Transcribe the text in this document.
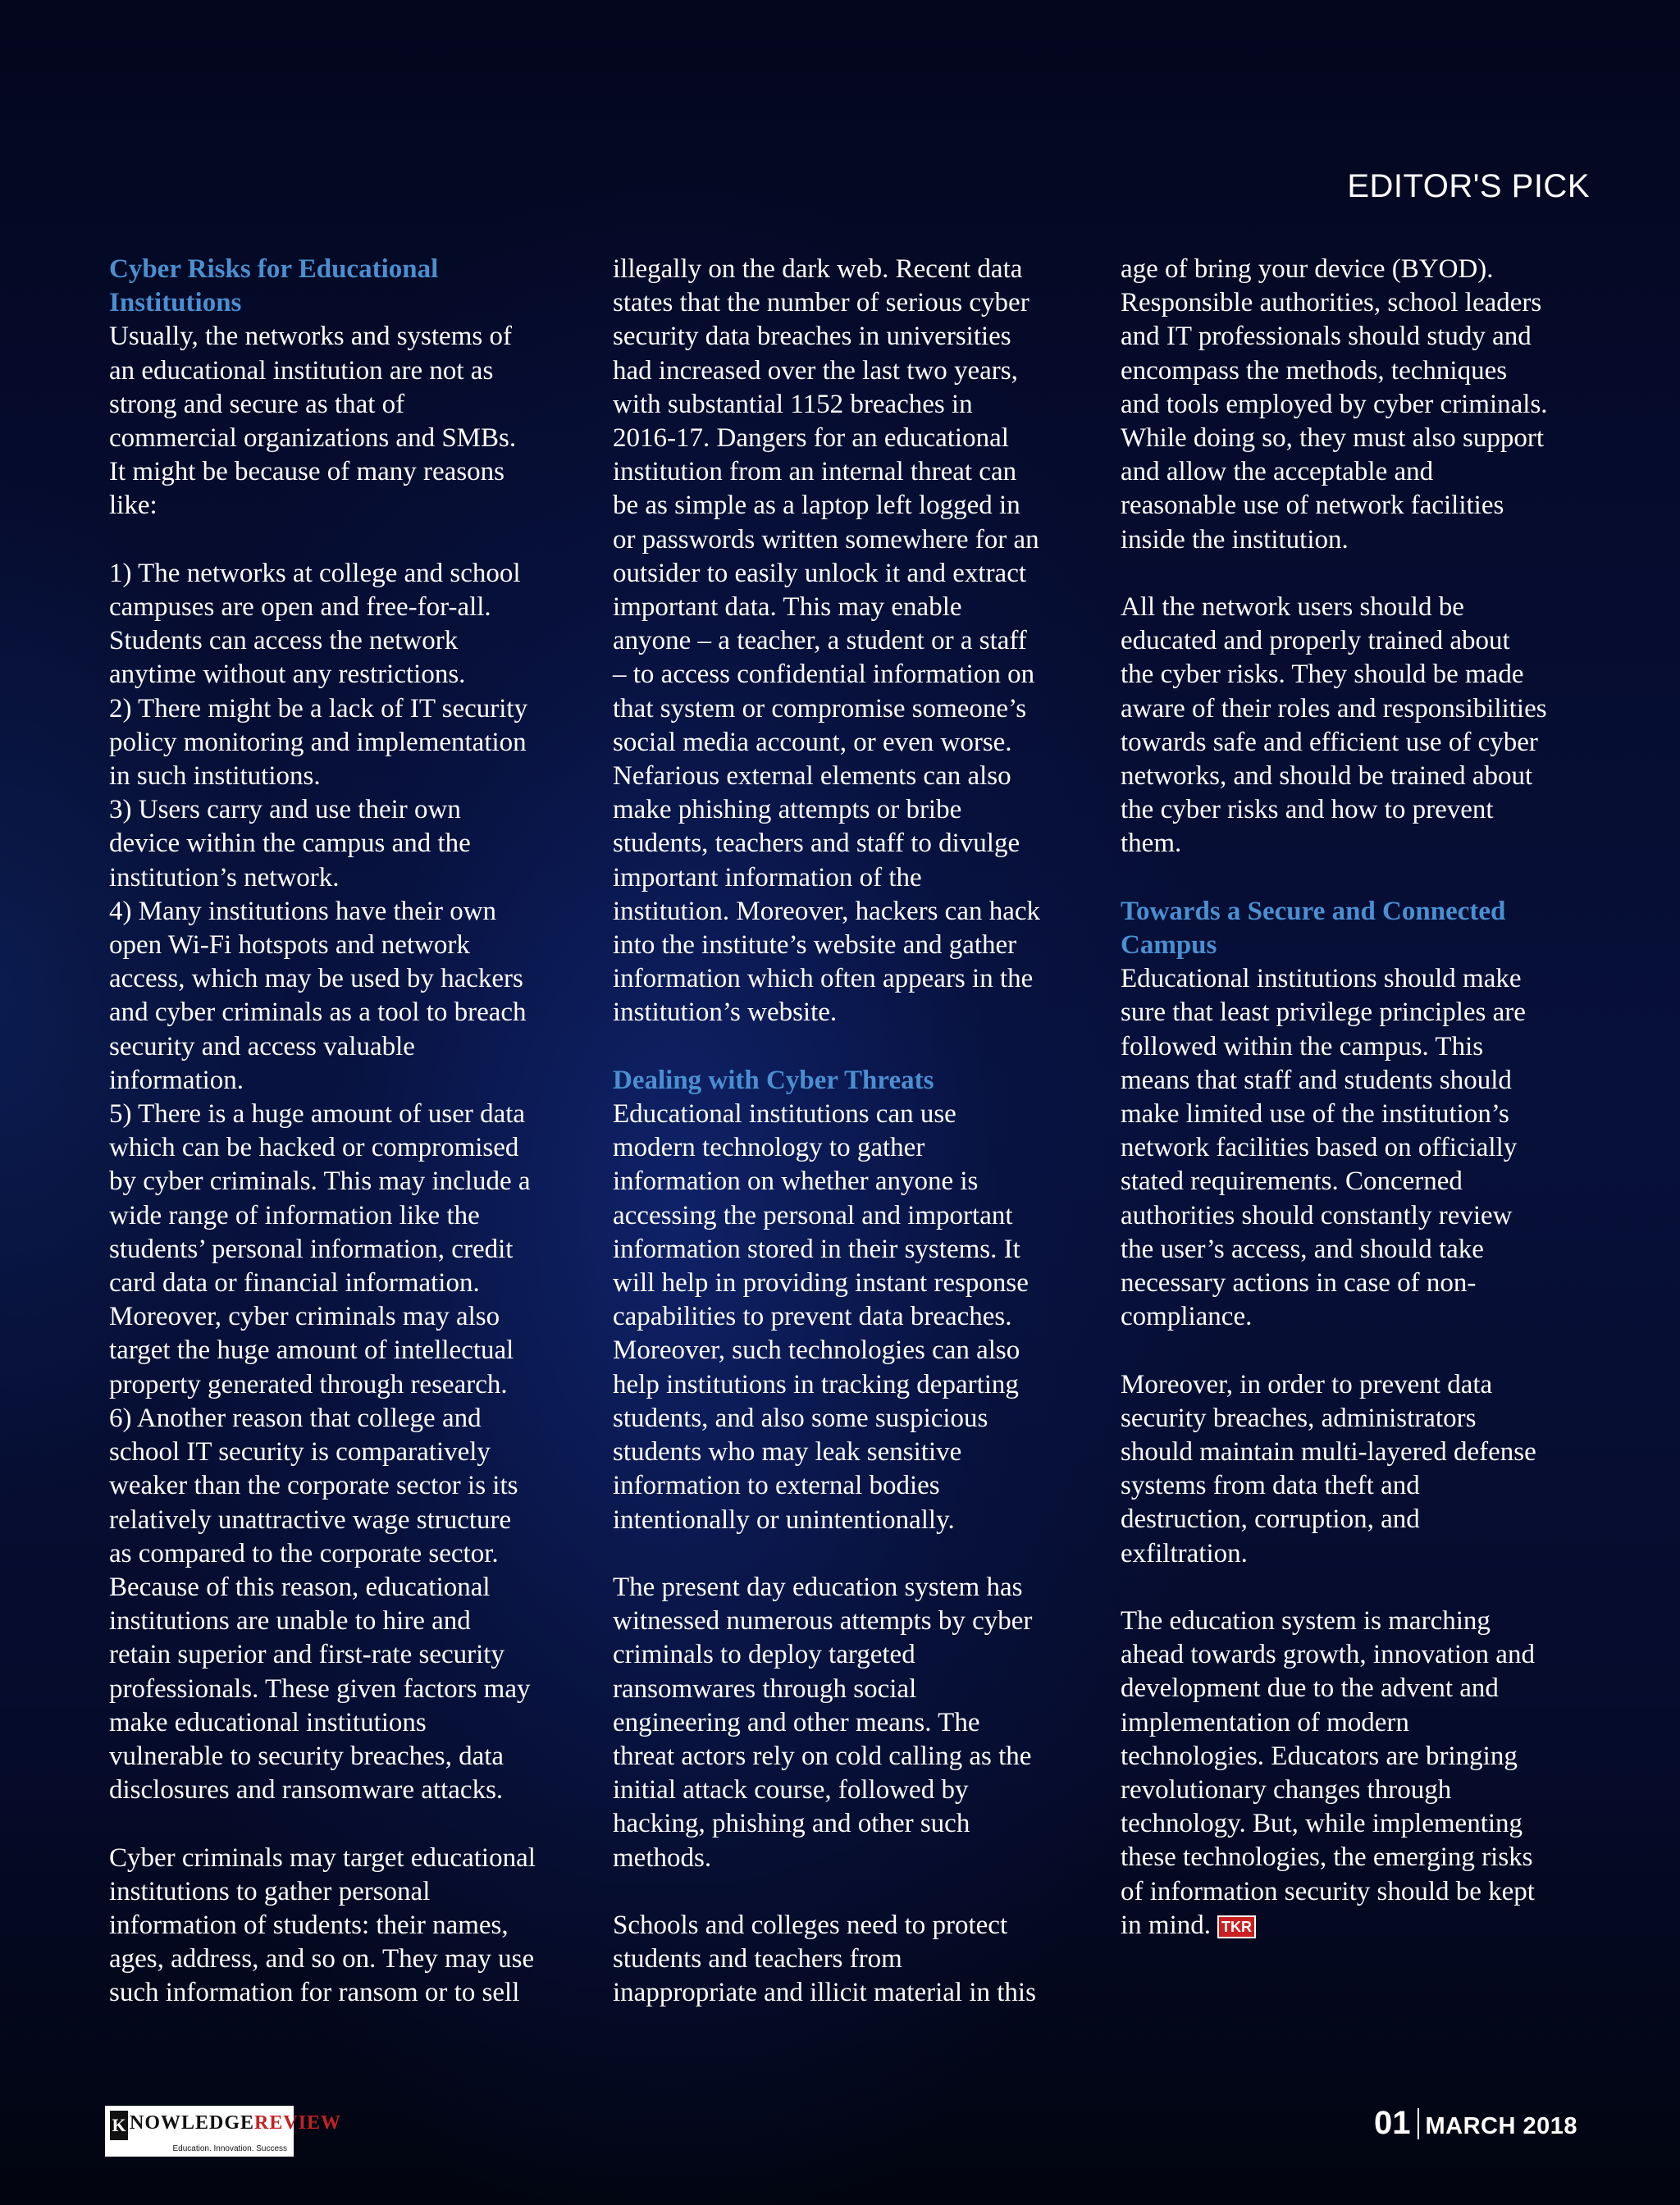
EDITOR'S PICK

Cyber Risks for Educational
Institutions

Usually, the networks and systems of
an educational institution are not as
strong and secure as that of
commercial organizations and SMBs.
It might be because of many reasons
like:

1) The networks at college and school
campuses are open and free-for-all.
Students can access the network
anytime without any restrictions.
2) There might be a lack of IT security
policy monitoring and implementation
in such institutions.
3) Users carry and use their own
device within the campus and the
institution’s network.
4) Many institutions have their own
open Wi-Fi hotspots and network
access, which may be used by hackers
and cyber criminals as a tool to breach
security and access valuable
information.
5) There is a huge amount of user data
which can be hacked or compromised
by cyber criminals. This may include a
wide range of information like the
students’ personal information, credit
card data or financial information.
Moreover, cyber criminals may also
target the huge amount of intellectual
property generated through research.
6) Another reason that college and
school IT security is comparatively
weaker than the corporate sector is its
relatively unattractive wage structure
as compared to the corporate sector.
Because of this reason, educational
institutions are unable to hire and
retain superior and first-rate security
professionals. These given factors may
make educational institutions
vulnerable to security breaches, data
disclosures and ransomware attacks.

Cyber criminals may target educational
institutions to gather personal
information of students: their names,
ages, address, and so on. They may use
such information for ransom or to sell

illegally on the dark web. Recent data
states that the number of serious cyber
security data breaches in universities
had increased over the last two years,
with substantial 1152 breaches in
2016-17. Dangers for an educational
institution from an internal threat can
be as simple as a laptop left logged in
or passwords written somewhere for an
outsider to easily unlock it and extract
important data. This may enable
anyone – a teacher, a student or a staff
– to access confidential information on
that system or compromise someone’s
social media account, or even worse.
Nefarious external elements can also
make phishing attempts or bribe
students, teachers and staff to divulge
important information of the
institution. Moreover, hackers can hack
into the institute’s website and gather
information which often appears in the
institution’s website.

Dealing with Cyber Threats

Educational institutions can use
modern technology to gather
information on whether anyone is
accessing the personal and important
information stored in their systems. It
will help in providing instant response
capabilities to prevent data breaches.
Moreover, such technologies can also
help institutions in tracking departing
students, and also some suspicious
students who may leak sensitive
information to external bodies
intentionally or unintentionally.

The present day education system has
witnessed numerous attempts by cyber
criminals to deploy targeted
ransomwares through social
engineering and other means. The
threat actors rely on cold calling as the
initial attack course, followed by
hacking, phishing and other such
methods.

Schools and colleges need to protect
students and teachers from
inappropriate and illicit material in this

age of bring your device (BYOD).
Responsible authorities, school leaders
and IT professionals should study and
encompass the methods, techniques
and tools employed by cyber criminals.
While doing so, they must also support
and allow the acceptable and
reasonable use of network facilities
inside the institution.

All the network users should be
educated and properly trained about
the cyber risks. They should be made
aware of their roles and responsibilities
towards safe and efficient use of cyber
networks, and should be trained about
the cyber risks and how to prevent
them.

Towards a Secure and Connected
Campus

Educational institutions should make
sure that least privilege principles are
followed within the campus. This
means that staff and students should
make limited use of the institution’s
network facilities based on officially
stated requirements. Concerned
authorities should constantly review
the user’s access, and should take
necessary actions in case of non-
compliance.

Moreover, in order to prevent data
security breaches, administrators
should maintain multi-layered defense
systems from data theft and
destruction, corruption, and
exfiltration.

The education system is marching
ahead towards growth, innovation and
development due to the advent and
implementation of modern
technologies. Educators are bringing
revolutionary changes through
technology. But, while implementing
these technologies, the emerging risks
of information security should be kept
in mind. TKR

K NOWLEDGEREVIEW
Education. Innovation. Success
01 MARCH 2018
